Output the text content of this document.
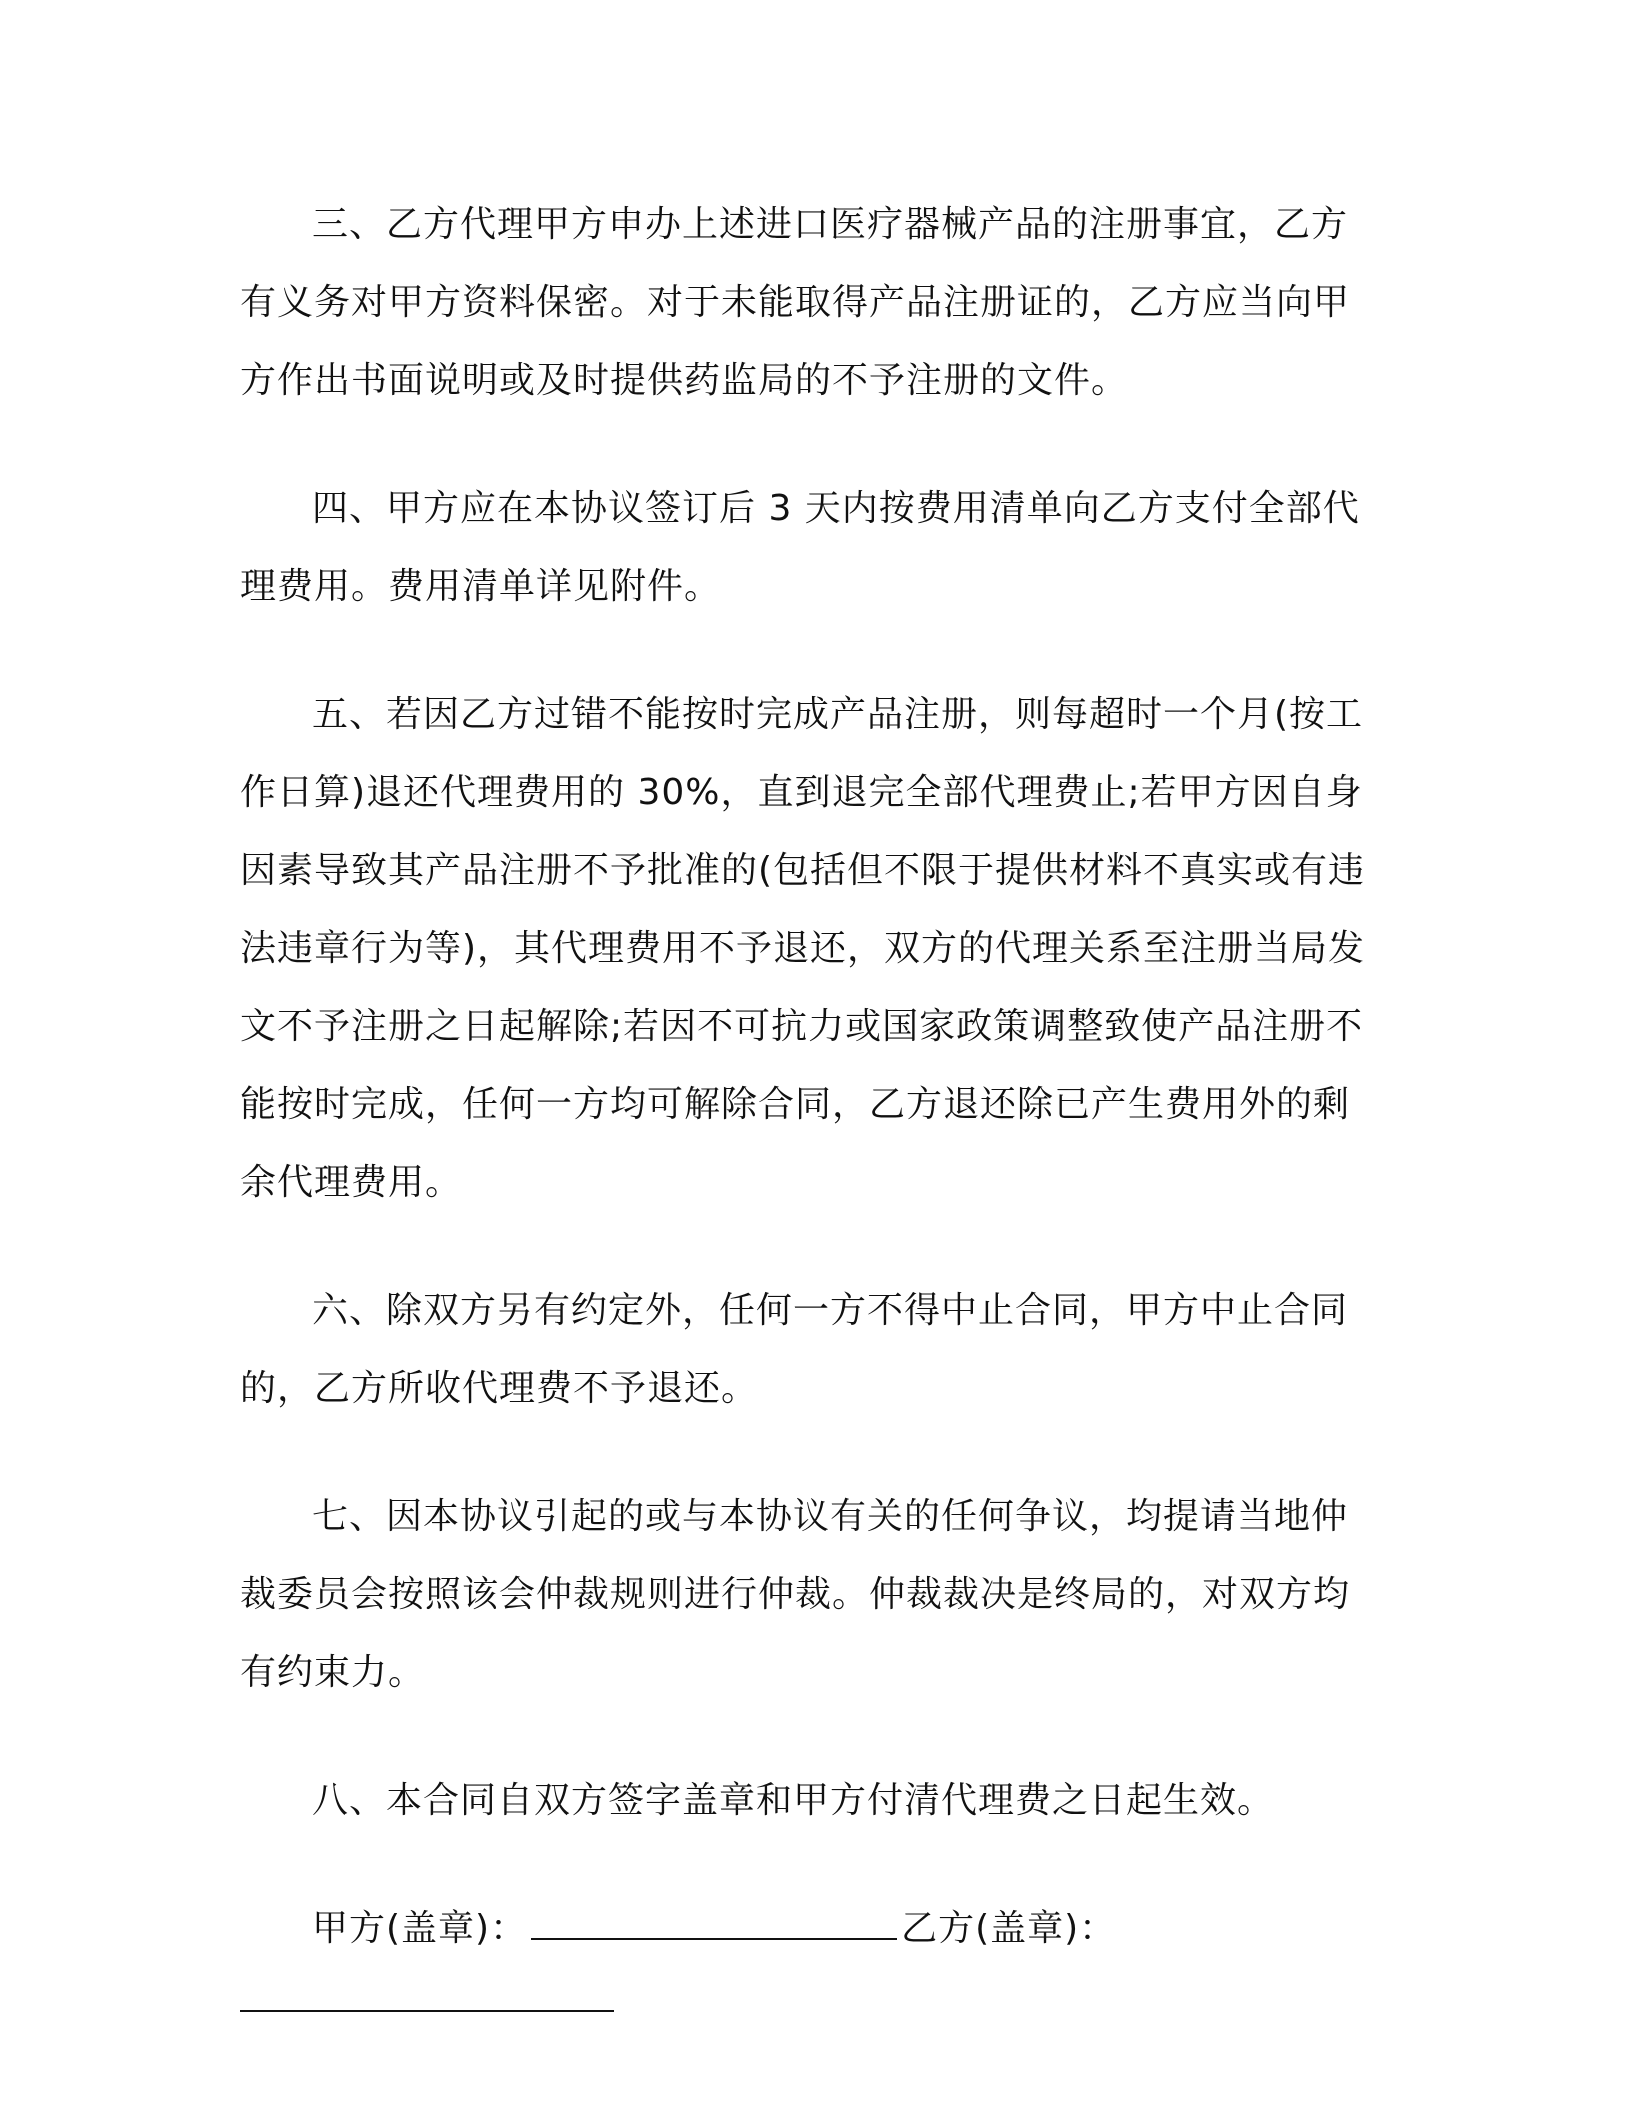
三、乙方代理甲方申办上述进口医疗器械产品的注册事宜，乙方有义务对甲方资料保密。对于未能取得产品注册证的，乙方应当向甲方作出书面说明或及时提供药监局的不予注册的文件。

四、甲方应在本协议签订后 3 天内按费用清单向乙方支付全部代理费用。费用清单详见附件。

五、若因乙方过错不能按时完成产品注册，则每超时一个月(按工作日算)退还代理费用的 30%，直到退完全部代理费止;若甲方因自身因素导致其产品注册不予批准的(包括但不限于提供材料不真实或有违法违章行为等)，其代理费用不予退还，双方的代理关系至注册当局发文不予注册之日起解除;若因不可抗力或国家政策调整致使产品注册不能按时完成，任何一方均可解除合同，乙方退还除已产生费用外的剩余代理费用。

六、除双方另有约定外，任何一方不得中止合同，甲方中止合同的，乙方所收代理费不予退还。

七、因本协议引起的或与本协议有关的任何争议，均提请当地仲裁委员会按照该会仲裁规则进行仲裁。仲裁裁决是终局的，对双方均有约束力。

八、本合同自双方签字盖章和甲方付清代理费之日起生效。

甲方(盖章)：	乙方(盖章)：
